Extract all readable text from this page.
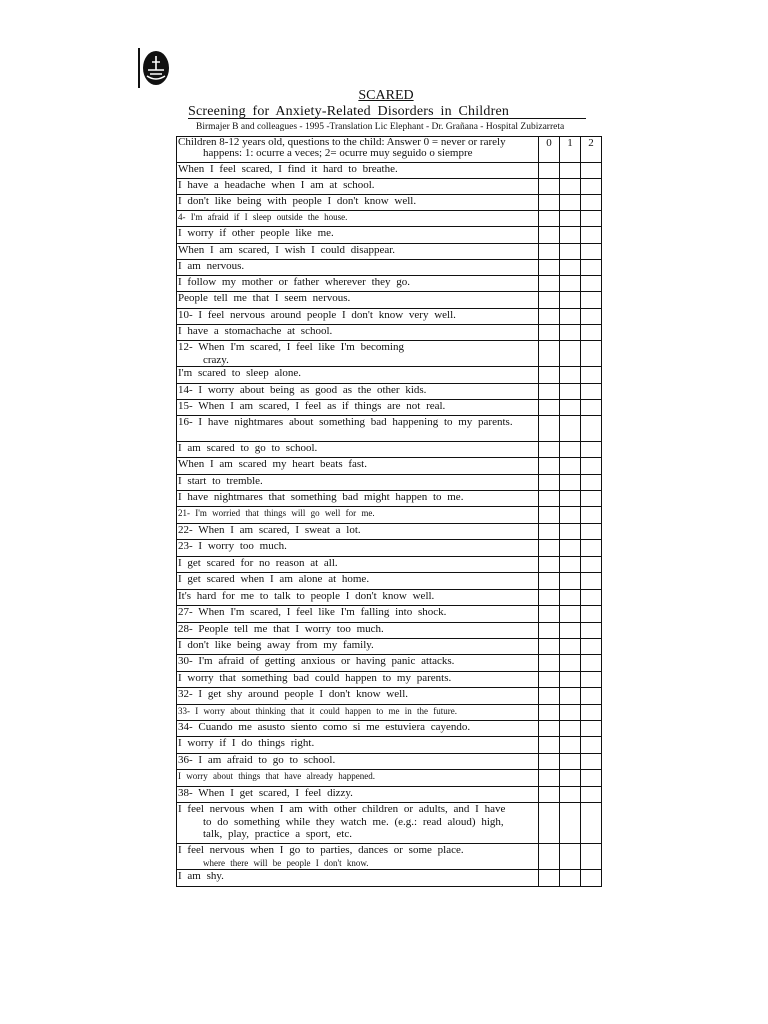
SCARED
Screening for Anxiety-Related Disorders in Children
Birmajer B and colleagues - 1995 -Translation Lic Elephant - Dr. Grañana - Hospital Zubizarreta
Children 8-12 years old, questions to the child: Answer 0 = never or rarely happens: 1: ocurre a veces; 2= ocurre muy seguido o siempre	0	1	2

When I feel scared, I find it hard to breathe.			

I have a headache when I am at school.			

I don't like being with people I don't know well.			

4- I'm afraid if I sleep outside the house.			

I worry if other people like me.			

When I am scared, I wish I could disappear.			

I am nervous.			

I follow my mother or father wherever they go.			

People tell me that I seem nervous.			

10- I feel nervous around people I don't know very well.			

I have a stomachache at school.			

12- When I'm scared, I feel like I'm becoming
crazy.			

I'm scared to sleep alone.			

14- I worry about being as good as the other kids.			

15- When I am scared, I feel as if things are not real.			

16- I have nightmares about something bad happening to my parents.			

I am scared to go to school.			

When I am scared my heart beats fast.			

I start to tremble.			

I have nightmares that something bad might happen to me.			

21- I'm worried that things will go well for me.			

22- When I am scared, I sweat a lot.			

23- I worry too much.			

I get scared for no reason at all.			

I get scared when I am alone at home.			

It's hard for me to talk to people I don't know well.			

27- When I'm scared, I feel like I'm falling into shock.			

28- People tell me that I worry too much.			

I don't like being away from my family.			

30- I'm afraid of getting anxious or having panic attacks.			

I worry that something bad could happen to my parents.			

32- I get shy around people I don't know well.			

33- I worry about thinking that it could happen to me in the future.			

34- Cuando me asusto siento como si me estuviera cayendo.			

I worry if I do things right.			

36- I am afraid to go to school.			

I worry about things that have already happened.			

38- When I get scared, I feel dizzy.			

I feel nervous when I am with other children or adults, and I have
to do something while they watch me. (e.g.: read aloud) high,
talk, play, practice a sport, etc.			

I feel nervous when I go to parties, dances or some place.
where there will be people I don't know.			

I am shy.			
